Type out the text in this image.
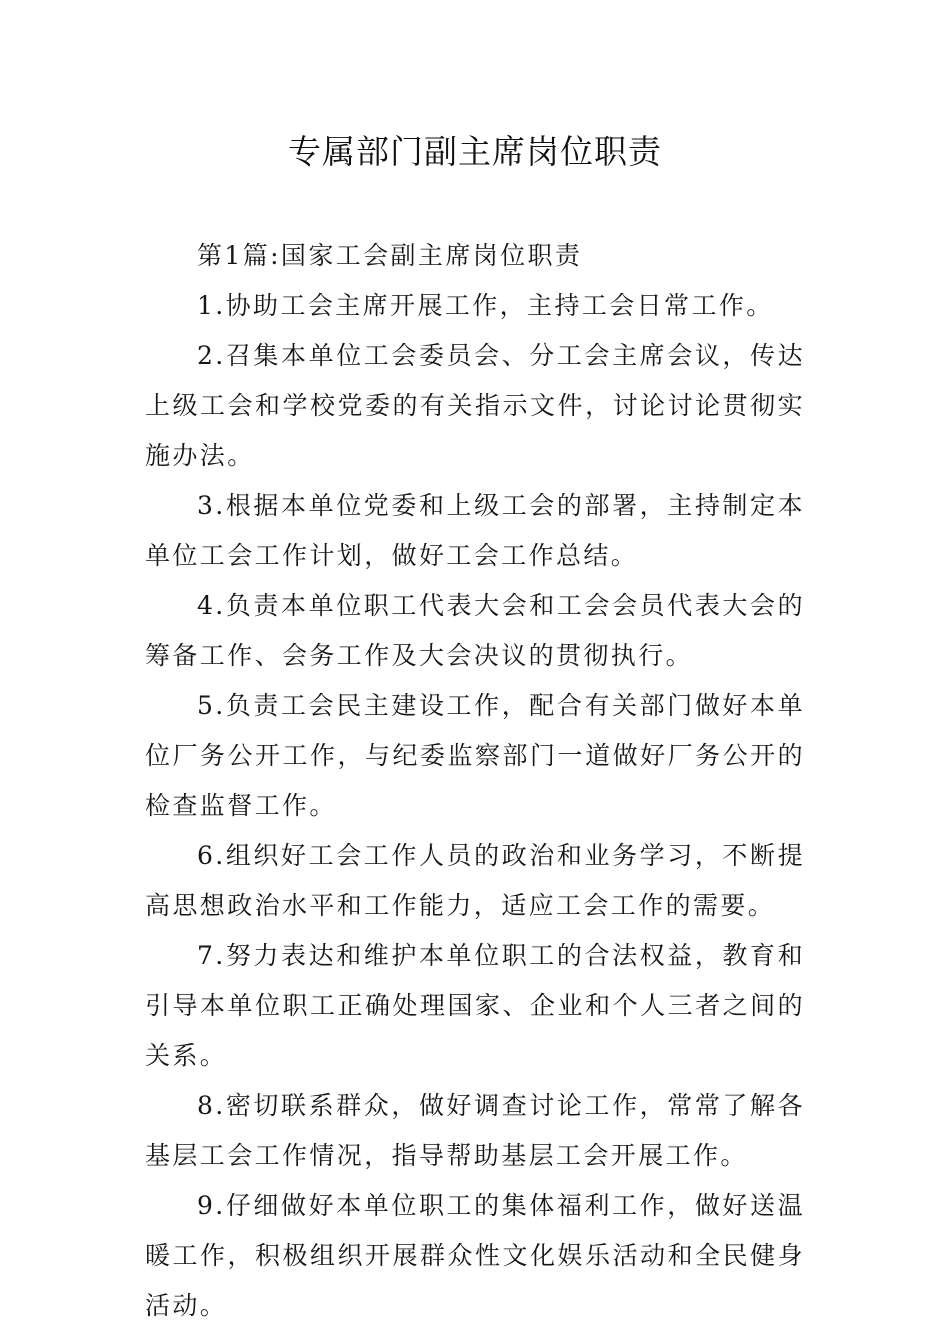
专属部门副主席岗位职责

第1篇:国家工会副主席岗位职责

1.协助工会主席开展工作，主持工会日常工作。

2.召集本单位工会委员会、分工会主席会议，传达上级工会和学校党委的有关指示文件，讨论讨论贯彻实施办法。

3.根据本单位党委和上级工会的部署，主持制定本单位工会工作计划，做好工会工作总结。

4.负责本单位职工代表大会和工会会员代表大会的筹备工作、会务工作及大会决议的贯彻执行。

5.负责工会民主建设工作，配合有关部门做好本单位厂务公开工作，与纪委监察部门一道做好厂务公开的检查监督工作。

6.组织好工会工作人员的政治和业务学习，不断提高思想政治水平和工作能力，适应工会工作的需要。

7.努力表达和维护本单位职工的合法权益，教育和引导本单位职工正确处理国家、企业和个人三者之间的关系。

8.密切联系群众，做好调查讨论工作，常常了解各基层工会工作情况，指导帮助基层工会开展工作。

9.仔细做好本单位职工的集体福利工作，做好送温暖工作，积极组织开展群众性文化娱乐活动和全民健身活动。
